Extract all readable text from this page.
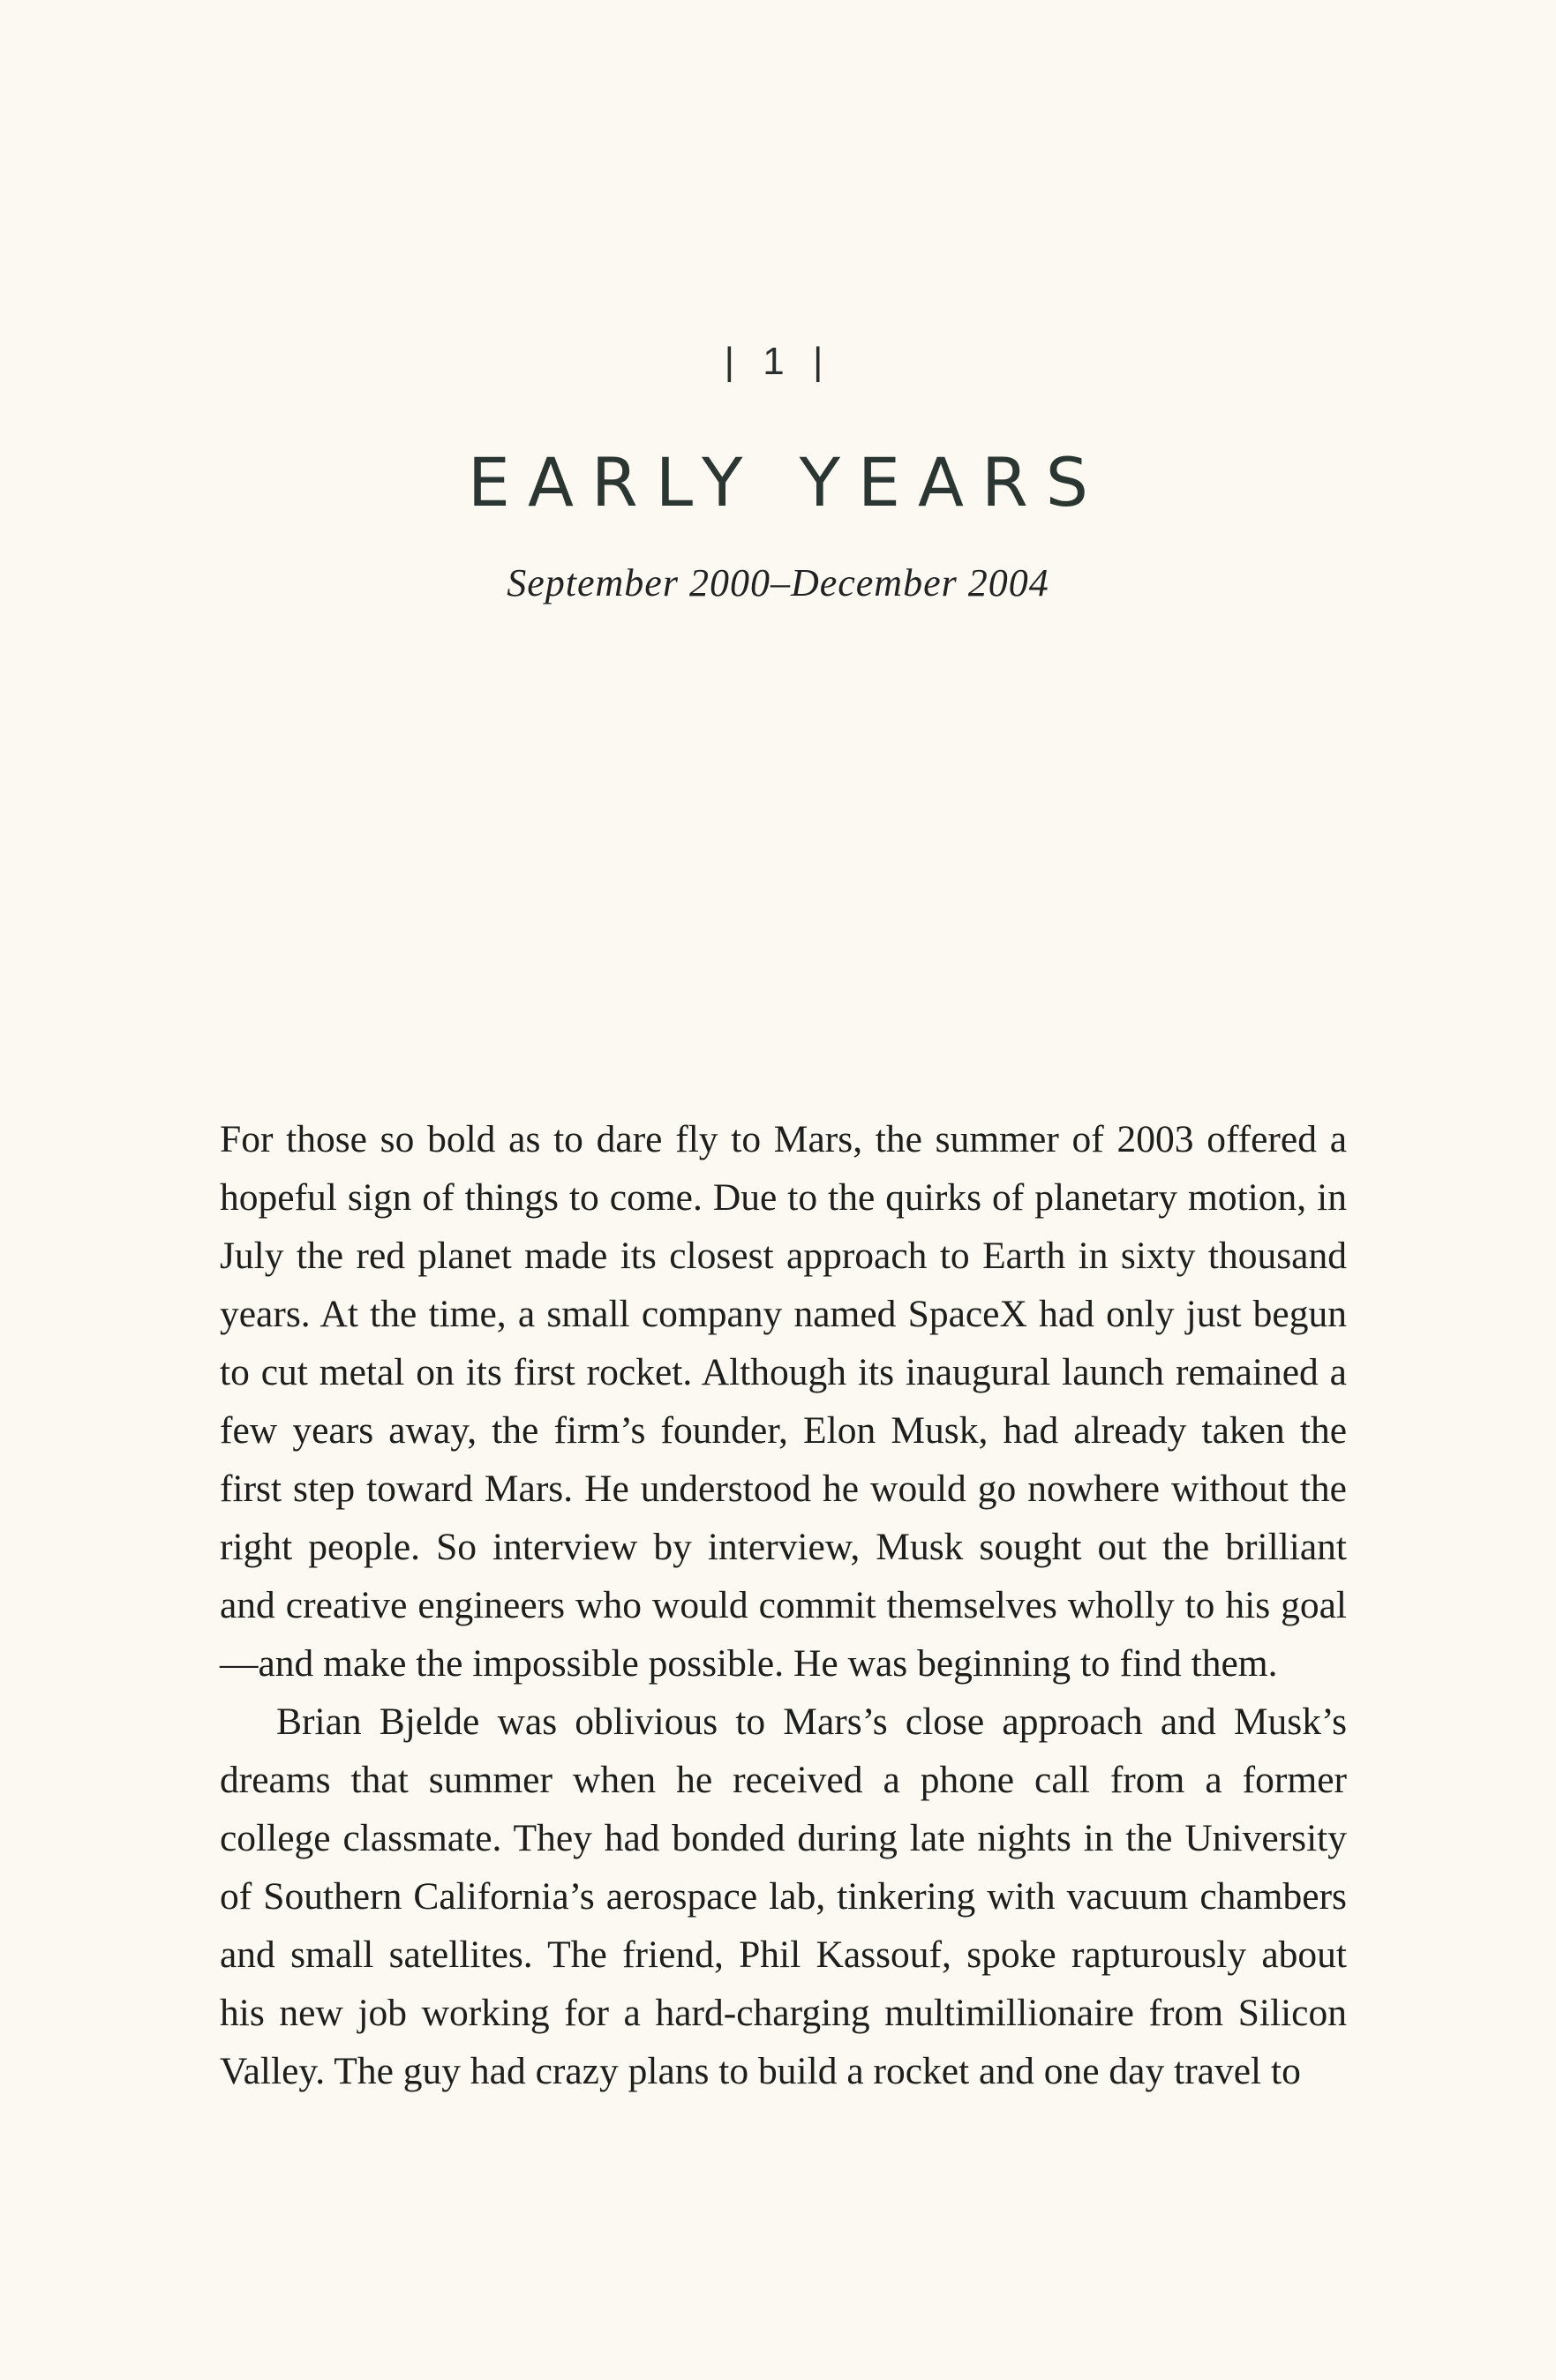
| 1 |
EARLY YEARS
September 2000–December 2004

For those so bold as to dare fly to Mars, the summer of 2003 offered a hopeful sign of things to come. Due to the quirks of planetary motion, in July the red planet made its closest approach to Earth in sixty thousand years. At the time, a small company named SpaceX had only just begun to cut metal on its first rocket. Although its inaugural launch remained a few years away, the firm’s founder, Elon Musk, had already taken the first step toward Mars. He understood he would go nowhere without the right people. So interview by interview, Musk sought out the brilliant and creative engineers who would commit themselves wholly to his goal—and make the impossible possible. He was beginning to find them.

Brian Bjelde was oblivious to Mars’s close approach and Musk’s dreams that summer when he received a phone call from a former college classmate. They had bonded during late nights in the University of Southern California’s aerospace lab, tinkering with vacuum chambers and small satellites. The friend, Phil Kassouf, spoke rapturously about his new job working for a hard-charging multimillionaire from Silicon Valley. The guy had crazy plans to build a rocket and one day travel to
